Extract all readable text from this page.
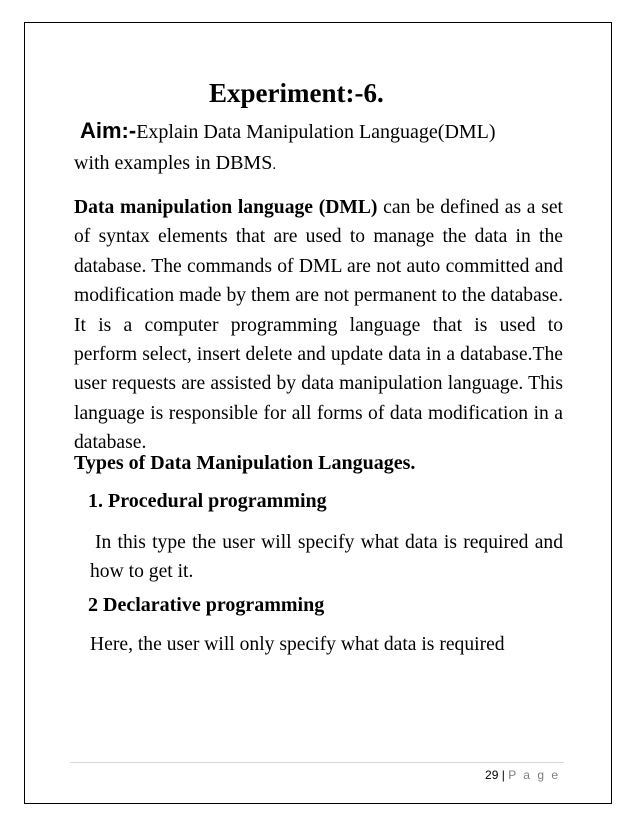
Experiment:-6.
Aim:-Explain Data Manipulation Language(DML)
with examples in DBMS.

Data manipulation language (DML) can be defined as a set of syntax elements that are used to manage the data in the database. The commands of DML are not auto committed and modification made by them are not permanent to the database. It is a computer programming language that is used to perform select, insert delete and update data in a database.The user requests are assisted by data manipulation language. This language is responsible for all forms of data modification in a database.

Types of Data Manipulation Languages.
1. Procedural programming

In this type the user will specify what data is required and how to get it.

2 Declarative programming

Here, the user will only specify what data is required

29 | P a g e
